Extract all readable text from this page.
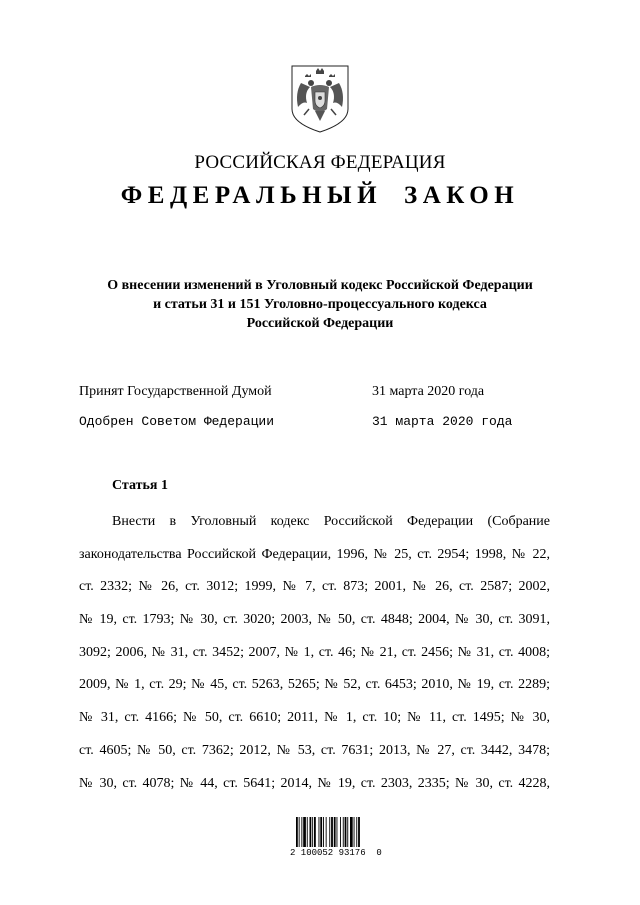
РОССИЙСКАЯ ФЕДЕРАЦИЯ
ФЕДЕРАЛЬНЫЙ ЗАКОН
О внесении изменений в Уголовный кодекс Российской Федерации
и статьи 31 и 151 Уголовно-процессуального кодекса
Российской Федерации
Принят Государственной Думой	31 марта 2020 года
Одобрен Советом Федерации	31 марта 2020 года
Статья 1
Внести в Уголовный кодекс Российской Федерации (Собрание
законодательства Российской Федерации, 1996, № 25, ст. 2954; 1998, № 22,
ст. 2332; № 26, ст. 3012; 1999, № 7, ст. 873; 2001, № 26, ст. 2587; 2002,
№ 19, ст. 1793; № 30, ст. 3020; 2003, № 50, ст. 4848; 2004, № 30, ст. 3091,
3092; 2006, № 31, ст. 3452; 2007, № 1, ст. 46; № 21, ст. 2456; № 31, ст. 4008;
2009, № 1, ст. 29; № 45, ст. 5263, 5265; № 52, ст. 6453; 2010, № 19, ст. 2289;
№ 31, ст. 4166; № 50, ст. 6610; 2011, № 1, ст. 10; № 11, ст. 1495; № 30,
ст. 4605; № 50, ст. 7362; 2012, № 53, ст. 7631; 2013, № 27, ст. 3442, 3478;
№ 30, ст. 4078; № 44, ст. 5641; 2014, № 19, ст. 2303, 2335; № 30, ст. 4228,
2 100052 93176  0
